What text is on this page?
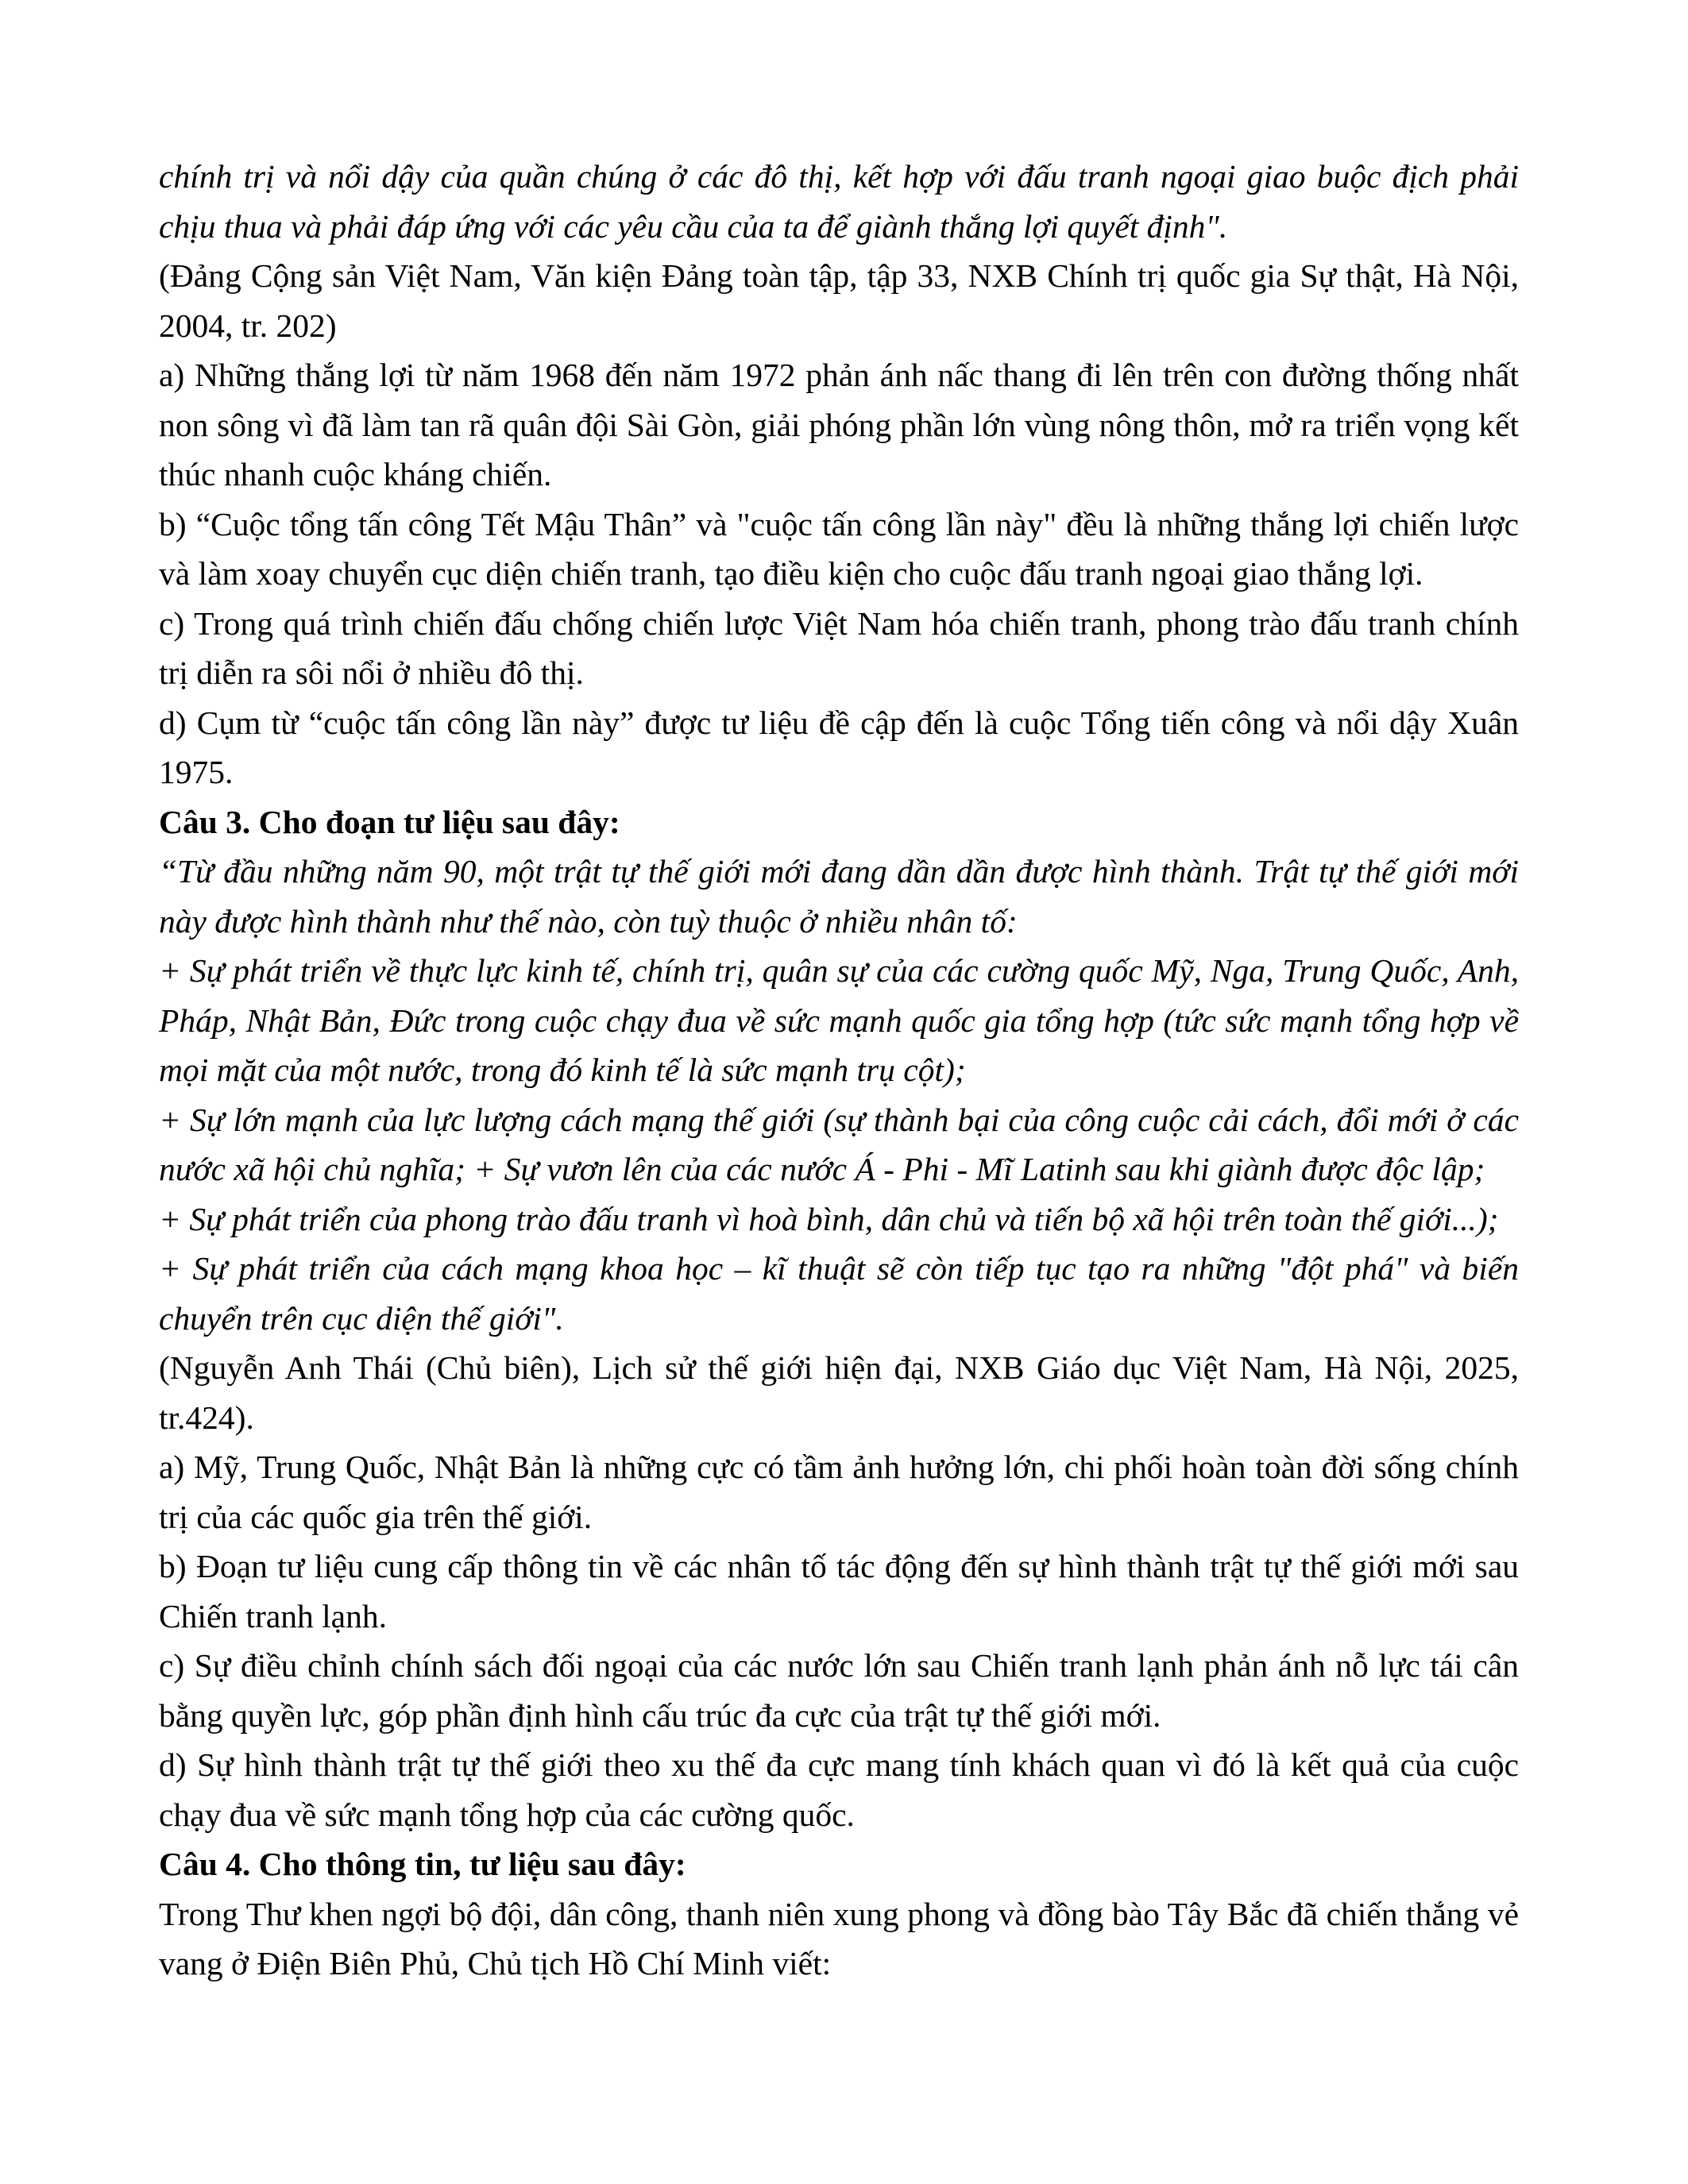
chính trị và nổi dậy của quần chúng ở các đô thị, kết hợp với đấu tranh ngoại giao buộc địch phải chịu thua và phải đáp ứng với các yêu cầu của ta để giành thắng lợi quyết định".

(Đảng Cộng sản Việt Nam, Văn kiện Đảng toàn tập, tập 33, NXB Chính trị quốc gia Sự thật, Hà Nội, 2004, tr. 202)

a) Những thắng lợi từ năm 1968 đến năm 1972 phản ánh nấc thang đi lên trên con đường thống nhất non sông vì đã làm tan rã quân đội Sài Gòn, giải phóng phần lớn vùng nông thôn, mở ra triển vọng kết thúc nhanh cuộc kháng chiến.

b) “Cuộc tổng tấn công Tết Mậu Thân” và "cuộc tấn công lần này" đều là những thắng lợi chiến lược và làm xoay chuyển cục diện chiến tranh, tạo điều kiện cho cuộc đấu tranh ngoại giao thắng lợi.

c) Trong quá trình chiến đấu chống chiến lược Việt Nam hóa chiến tranh, phong trào đấu tranh chính trị diễn ra sôi nổi ở nhiều đô thị.

d) Cụm từ “cuộc tấn công lần này” được tư liệu đề cập đến là cuộc Tổng tiến công và nổi dậy Xuân 1975.

Câu 3. Cho đoạn tư liệu sau đây:

“Từ đầu những năm 90, một trật tự thế giới mới đang dần dần được hình thành. Trật tự thế giới mới này được hình thành như thế nào, còn tuỳ thuộc ở nhiều nhân tố:

+ Sự phát triển về thực lực kinh tế, chính trị, quân sự của các cường quốc Mỹ, Nga, Trung Quốc, Anh, Pháp, Nhật Bản, Đức trong cuộc chạy đua về sức mạnh quốc gia tổng hợp (tức sức mạnh tổng hợp về mọi mặt của một nước, trong đó kinh tế là sức mạnh trụ cột);

+ Sự lớn mạnh của lực lượng cách mạng thế giới (sự thành bại của công cuộc cải cách, đổi mới ở các nước xã hội chủ nghĩa; + Sự vươn lên của các nước Á - Phi - Mĩ Latinh sau khi giành được độc lập;

+ Sự phát triển của phong trào đấu tranh vì hoà bình, dân chủ và tiến bộ xã hội trên toàn thế giới...);

+ Sự phát triển của cách mạng khoa học – kĩ thuật sẽ còn tiếp tục tạo ra những "đột phá" và biến chuyển trên cục diện thế giới".

(Nguyễn Anh Thái (Chủ biên), Lịch sử thế giới hiện đại, NXB Giáo dục Việt Nam, Hà Nội, 2025, tr.424).

a) Mỹ, Trung Quốc, Nhật Bản là những cực có tầm ảnh hưởng lớn, chi phối hoàn toàn đời sống chính trị của các quốc gia trên thế giới.

b) Đoạn tư liệu cung cấp thông tin về các nhân tố tác động đến sự hình thành trật tự thế giới mới sau Chiến tranh lạnh.

c) Sự điều chỉnh chính sách đối ngoại của các nước lớn sau Chiến tranh lạnh phản ánh nỗ lực tái cân bằng quyền lực, góp phần định hình cấu trúc đa cực của trật tự thế giới mới.

d) Sự hình thành trật tự thế giới theo xu thế đa cực mang tính khách quan vì đó là kết quả của cuộc chạy đua về sức mạnh tổng hợp của các cường quốc.

Câu 4. Cho thông tin, tư liệu sau đây:

Trong Thư khen ngợi bộ đội, dân công, thanh niên xung phong và đồng bào Tây Bắc đã chiến thắng vẻ vang ở Điện Biên Phủ, Chủ tịch Hồ Chí Minh viết:
